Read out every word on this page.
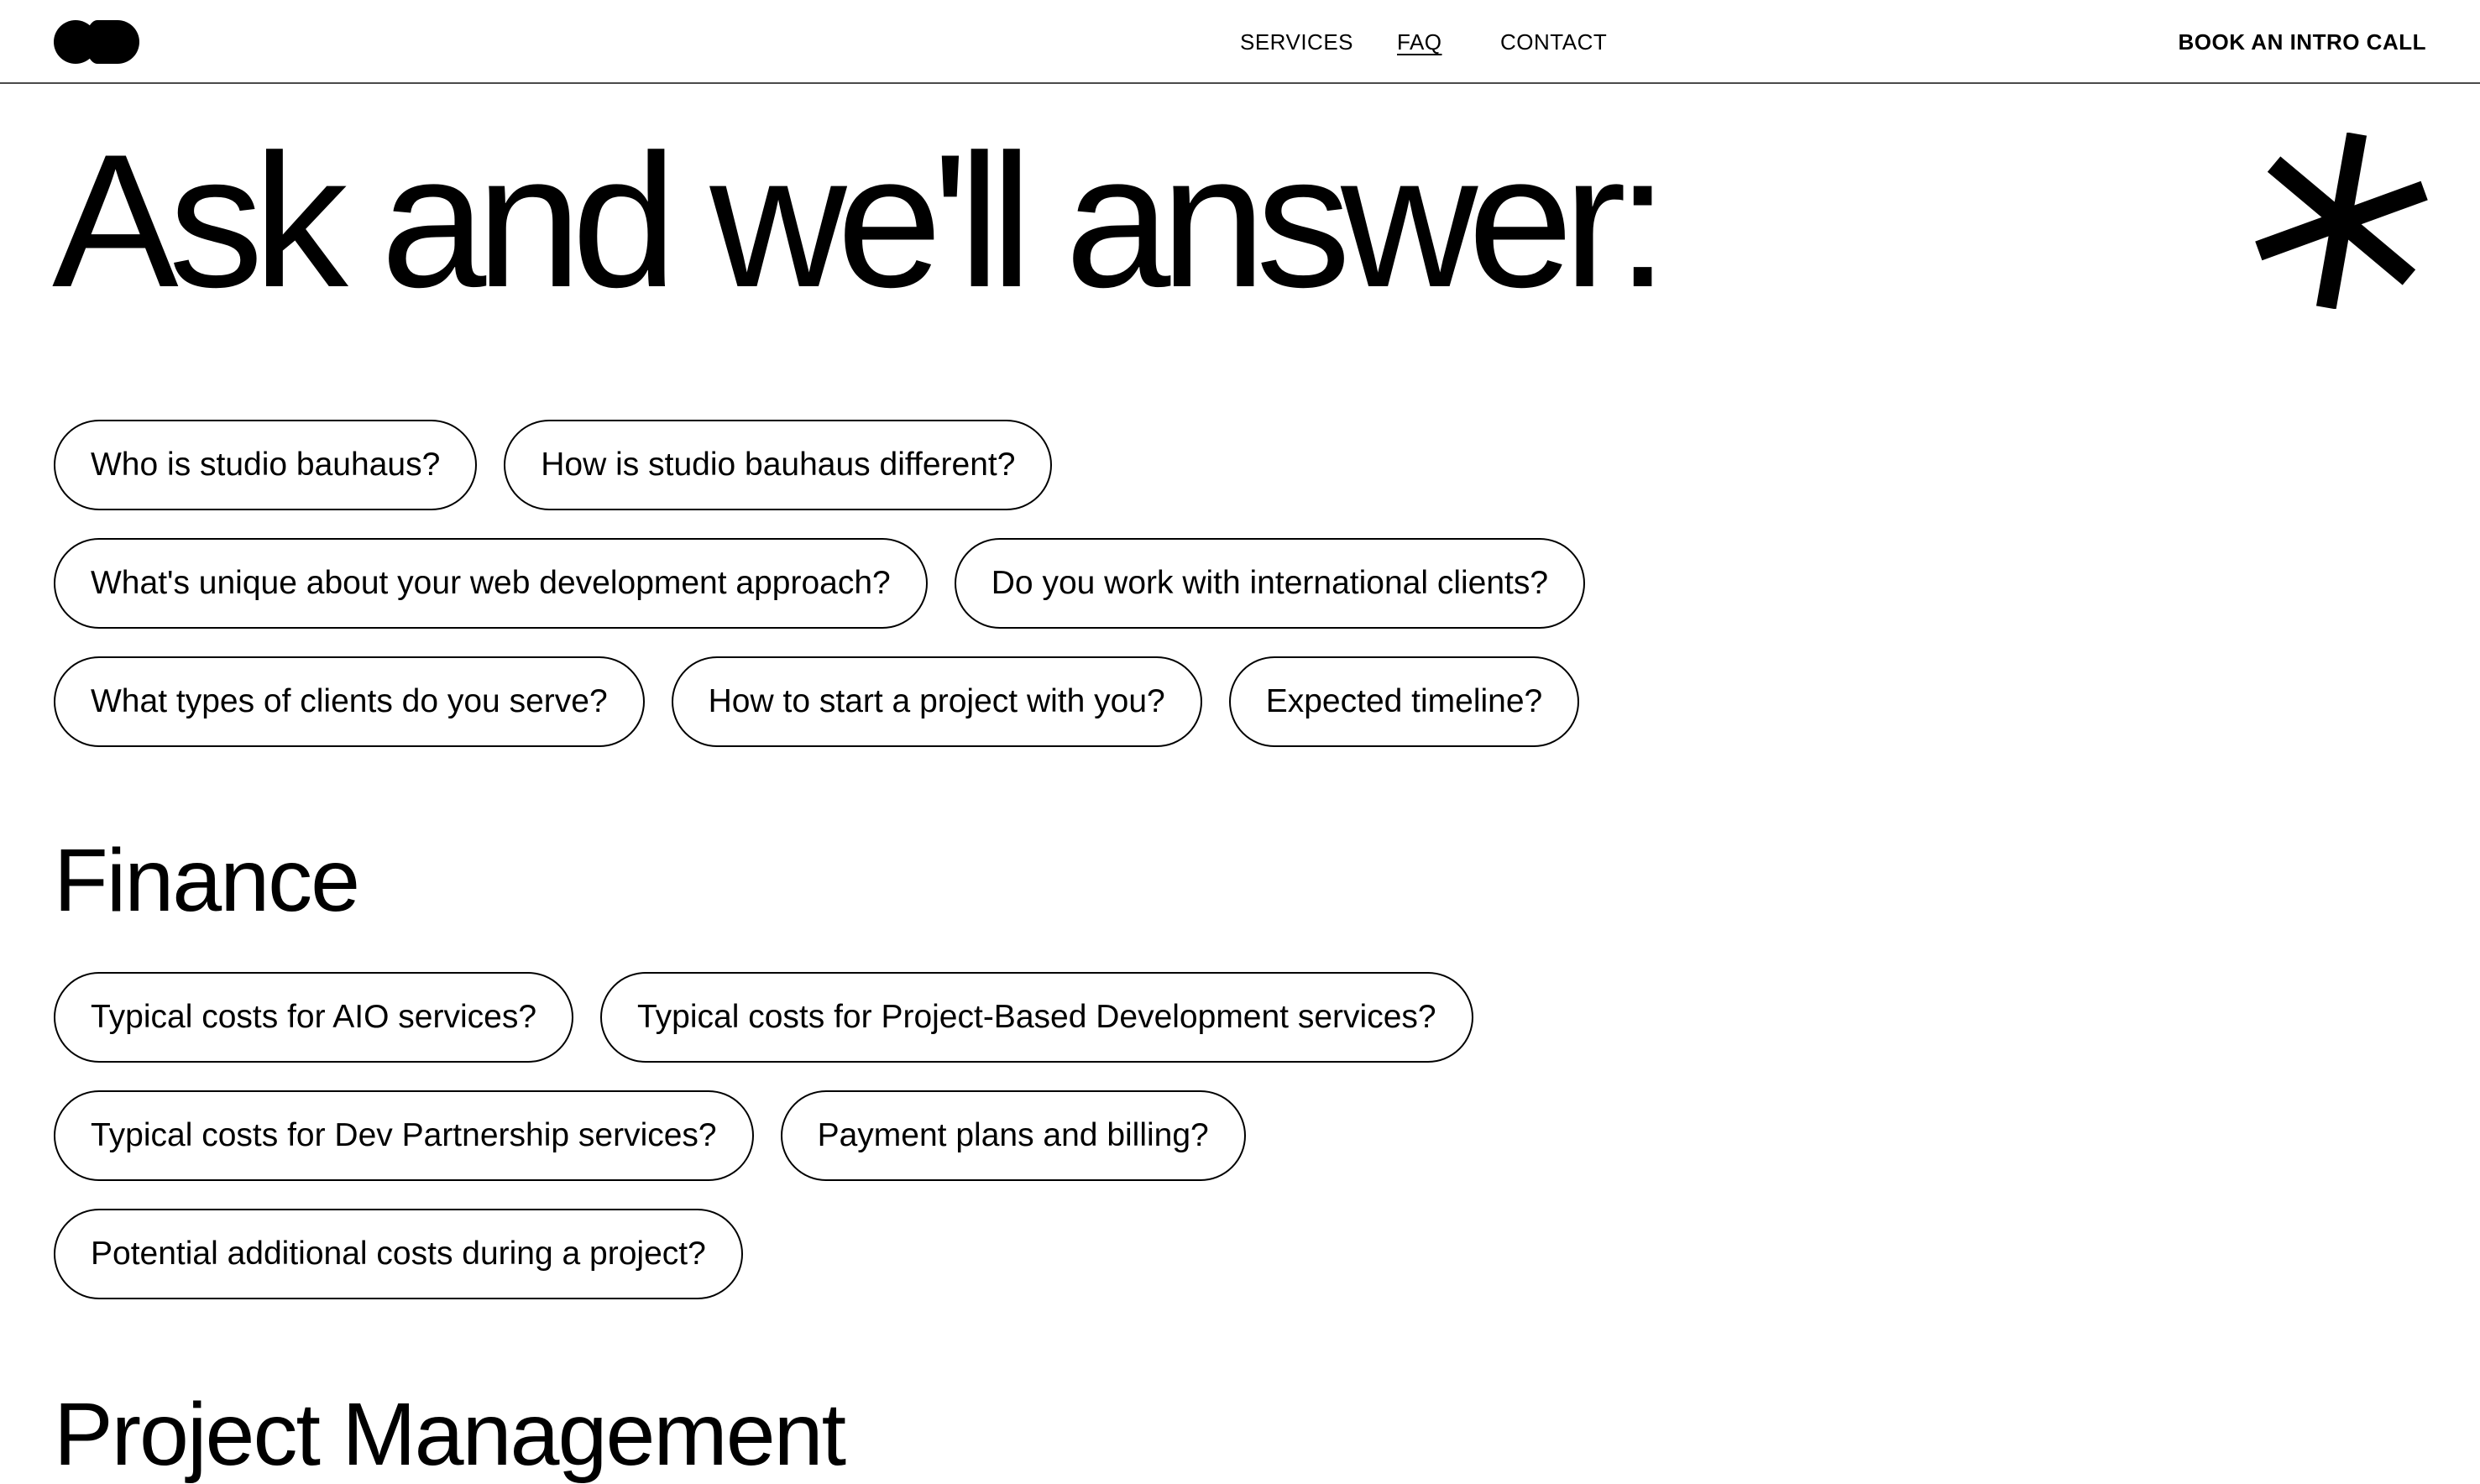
SERVICES FAQ	CONTACT	BOOK AN INTRO CALL
Ask and we'll answer:
Who is studio bauhaus?	How is studio bauhaus different?
What's unique about your web development approach?	Do you work with international clients?
What types of clients do you serve?	How to start a project with you?	Expected timeline?
Finance
Typical costs for AIO services?	Typical costs for Project-Based Development services?
Typical costs for Dev Partnership services?	Payment plans and billing?
Potential additional costs during a project?
Project Management
